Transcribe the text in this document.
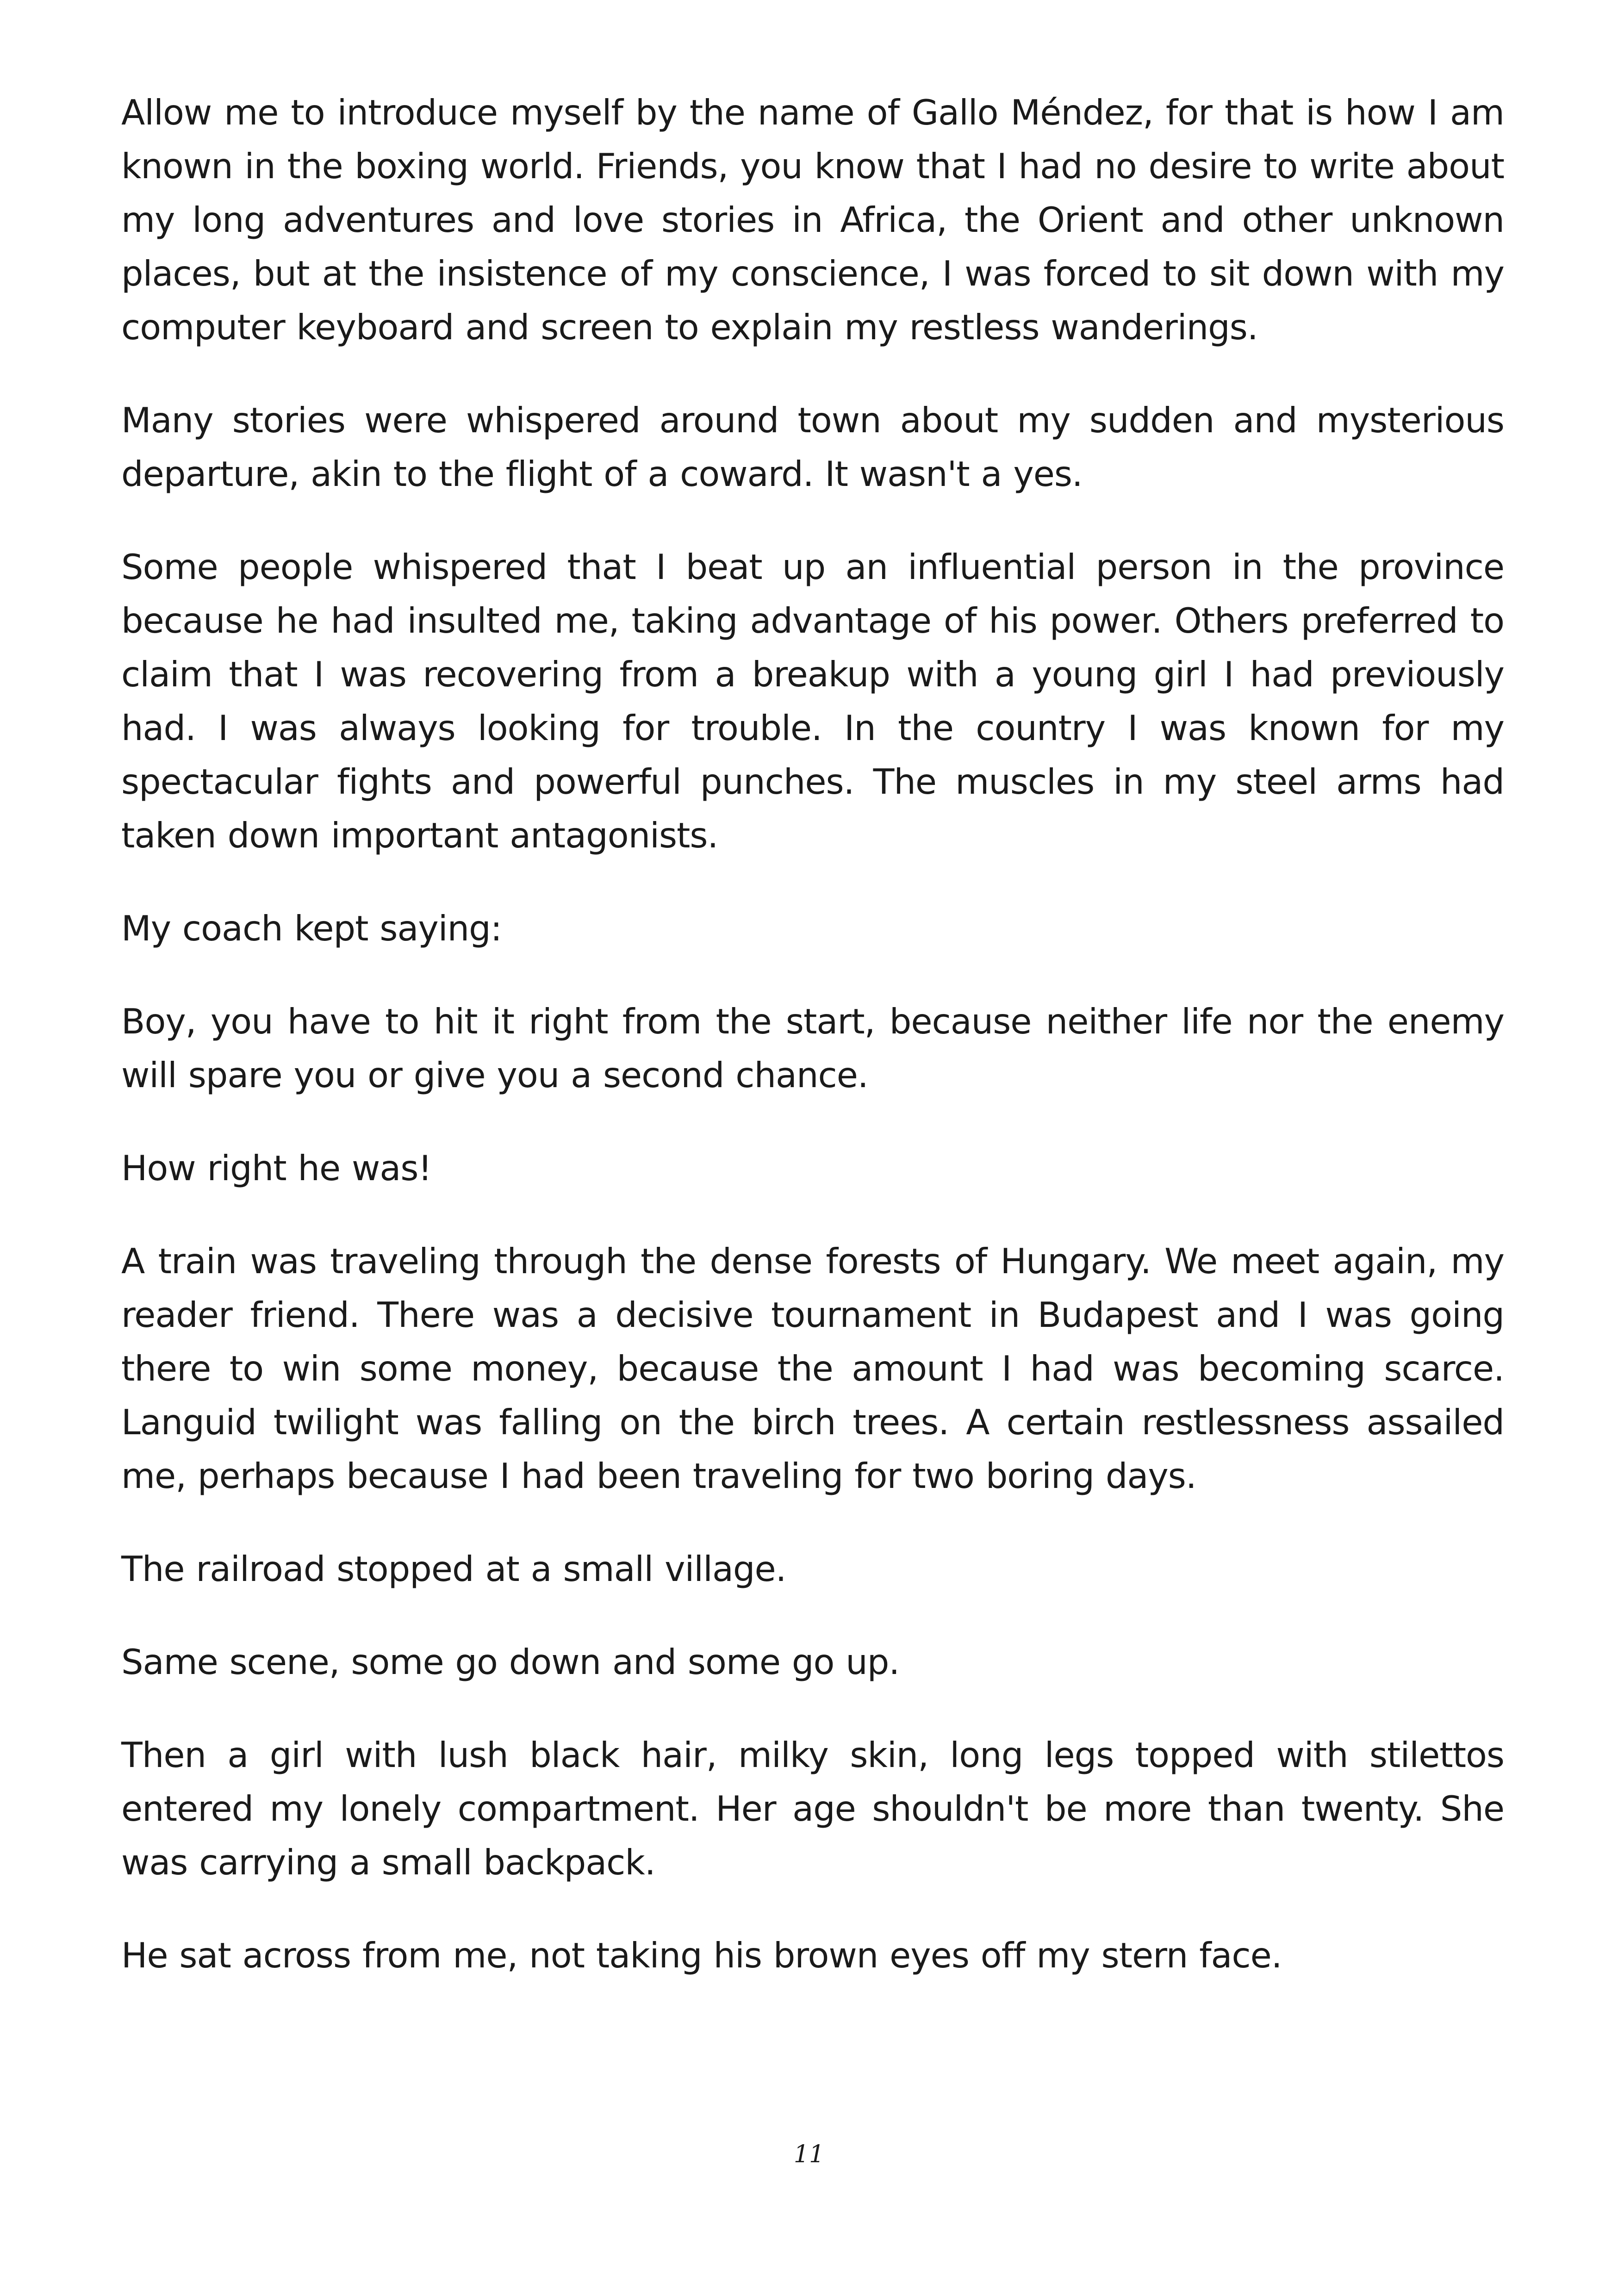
Allow me to introduce myself by the name of Gallo Méndez, for that is how I am known in the boxing world. Friends, you know that I had no desire to write about my long adventures and love stories in Africa, the Orient and other unknown places, but at the insistence of my conscience, I was forced to sit down with my computer keyboard and screen to explain my restless wanderings.

Many stories were whispered around town about my sudden and mysterious departure, akin to the flight of a coward. It wasn't a yes.

Some people whispered that I beat up an influential person in the province because he had insulted me, taking advantage of his power. Others preferred to claim that I was recovering from a breakup with a young girl I had previously had. I was always looking for trouble. In the country I was known for my spectacular fights and powerful punches. The muscles in my steel arms had taken down important antagonists.

My coach kept saying:

Boy, you have to hit it right from the start, because neither life nor the enemy will spare you or give you a second chance.

How right he was!

A train was traveling through the dense forests of Hungary. We meet again, my reader friend. There was a decisive tournament in Budapest and I was going there to win some money, because the amount I had was becoming scarce. Languid twilight was falling on the birch trees. A certain restlessness assailed me, perhaps because I had been traveling for two boring days.

The railroad stopped at a small village.

Same scene, some go down and some go up.

Then a girl with lush black hair, milky skin, long legs topped with stilettos entered my lonely compartment. Her age shouldn't be more than twenty. She was carrying a small backpack.

He sat across from me, not taking his brown eyes off my stern face.

11
